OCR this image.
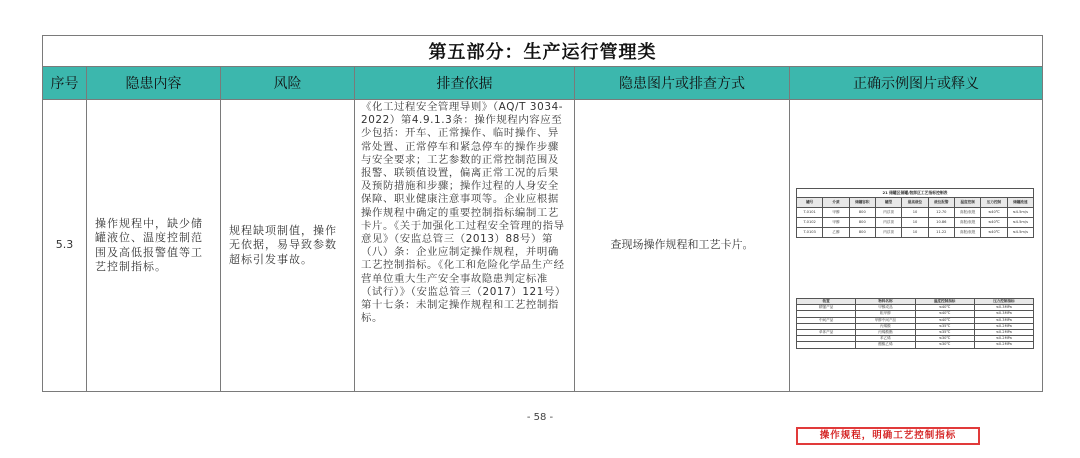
第五部分：生产运行管理类
序号	隐患内容	风险	排查依据	隐患图片或排查方式	正确示例图片或释义
5.3	操作规程中，缺少储罐液位、温度控制范围及高低报警值等工艺控制指标。	规程缺项制值，操作无依据，易导致参数超标引发事故。	《化工过程安全管理导则》（AQ/T 3034-2022）第4.9.1.3条：操作规程内容应至少包括：开车、正常操作、临时操作、异常处置、正常停车和紧急停车的操作步骤与安全要求；工艺参数的正常控制范围及报警、联锁值设置，偏离正常工况的后果及预防措施和步骤；操作过程的人身安全保障、职业健康注意事项等。企业应根据操作规程中确定的重要控制指标编制工艺卡片。《关于加强化工过程安全管理的指导意见》（安监总管三（2013）88号）第（八）条：企业应制定操作规程，并明确工艺控制指标。《化工和危险化学品生产经营单位重大生产安全事故隐患判定标准（试行）》（安监总管三（2017）121号）第十七条：未制定操作规程和工艺控制指标。	查现场操作规程和工艺卡片。	
21 储罐区储罐/装卸区工艺指标控制表
罐号	介质	储罐容积	罐型	最高液位	液位报警	温度控制	压力控制	储罐流速
T-0101	甲醇	800	内浮顶	10	12.70	高报/低报	≤40℃	≤4.5m/s
T-0102	甲醇	800	内浮顶	10	10.86	高报/低报	≤40℃	≤4.5m/s
T-0103	乙醇	800	内浮顶	10	11.22	高报/低报	≤40℃	≤4.5m/s
装置	物料名称	温度控制指标	压力控制指标
精馏产品	甲醇成品	≤40℃	≤0.3MPa
	粗甲醇	≤40℃	≤0.3MPa
中间产品	甲醇中间产品	≤40℃	≤0.3MPa
	丙烯酸	≤35℃	≤0.2MPa
单体产品	丙烯酸酯	≤35℃	≤0.2MPa
	苯乙烯	≤30℃	≤0.2MPa
	醋酸乙烯	≤30℃	≤0.2MPa
操作规程，明确工艺控制指标
- 58 -
